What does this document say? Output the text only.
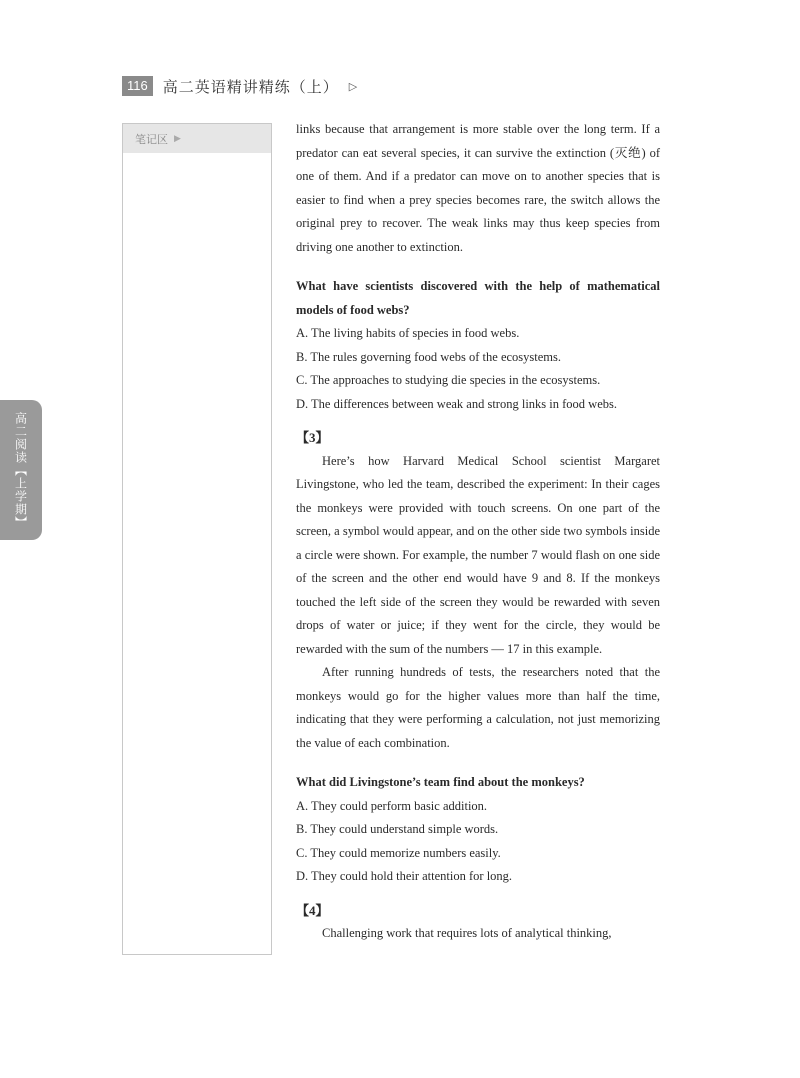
116	高二英语精讲精练（上） ▷
高二阅读【上学期】
笔记区 ▶

links because that arrangement is more stable over the long term. If a predator can eat several species, it can survive the extinction (灭绝) of one of them. And if a predator can move on to another species that is easier to find when a prey species becomes rare, the switch allows the original prey to recover. The weak links may thus keep species from driving one another to extinction.

What have scientists discovered with the help of mathematical models of food webs?

A. The living habits of species in food webs.

B. The rules governing food webs of the ecosystems.

C. The approaches to studying die species in the ecosystems.

D. The differences between weak and strong links in food webs.

【3】

Here’s how Harvard Medical School scientist Margaret Livingstone, who led the team, described the experiment: In their cages the monkeys were provided with touch screens. On one part of the screen, a symbol would appear, and on the other side two symbols inside a circle were shown. For example, the number 7 would flash on one side of the screen and the other end would have 9 and 8. If the monkeys touched the left side of the screen they would be rewarded with seven drops of water or juice; if they went for the circle, they would be rewarded with the sum of the numbers — 17 in this example.

After running hundreds of tests, the researchers noted that the monkeys would go for the higher values more than half the time, indicating that they were performing a calculation, not just memorizing the value of each combination.

What did Livingstone’s team find about the monkeys?

A. They could perform basic addition.

B. They could understand simple words.

C. They could memorize numbers easily.

D. They could hold their attention for long.

【4】

Challenging work that requires lots of analytical thinking,
